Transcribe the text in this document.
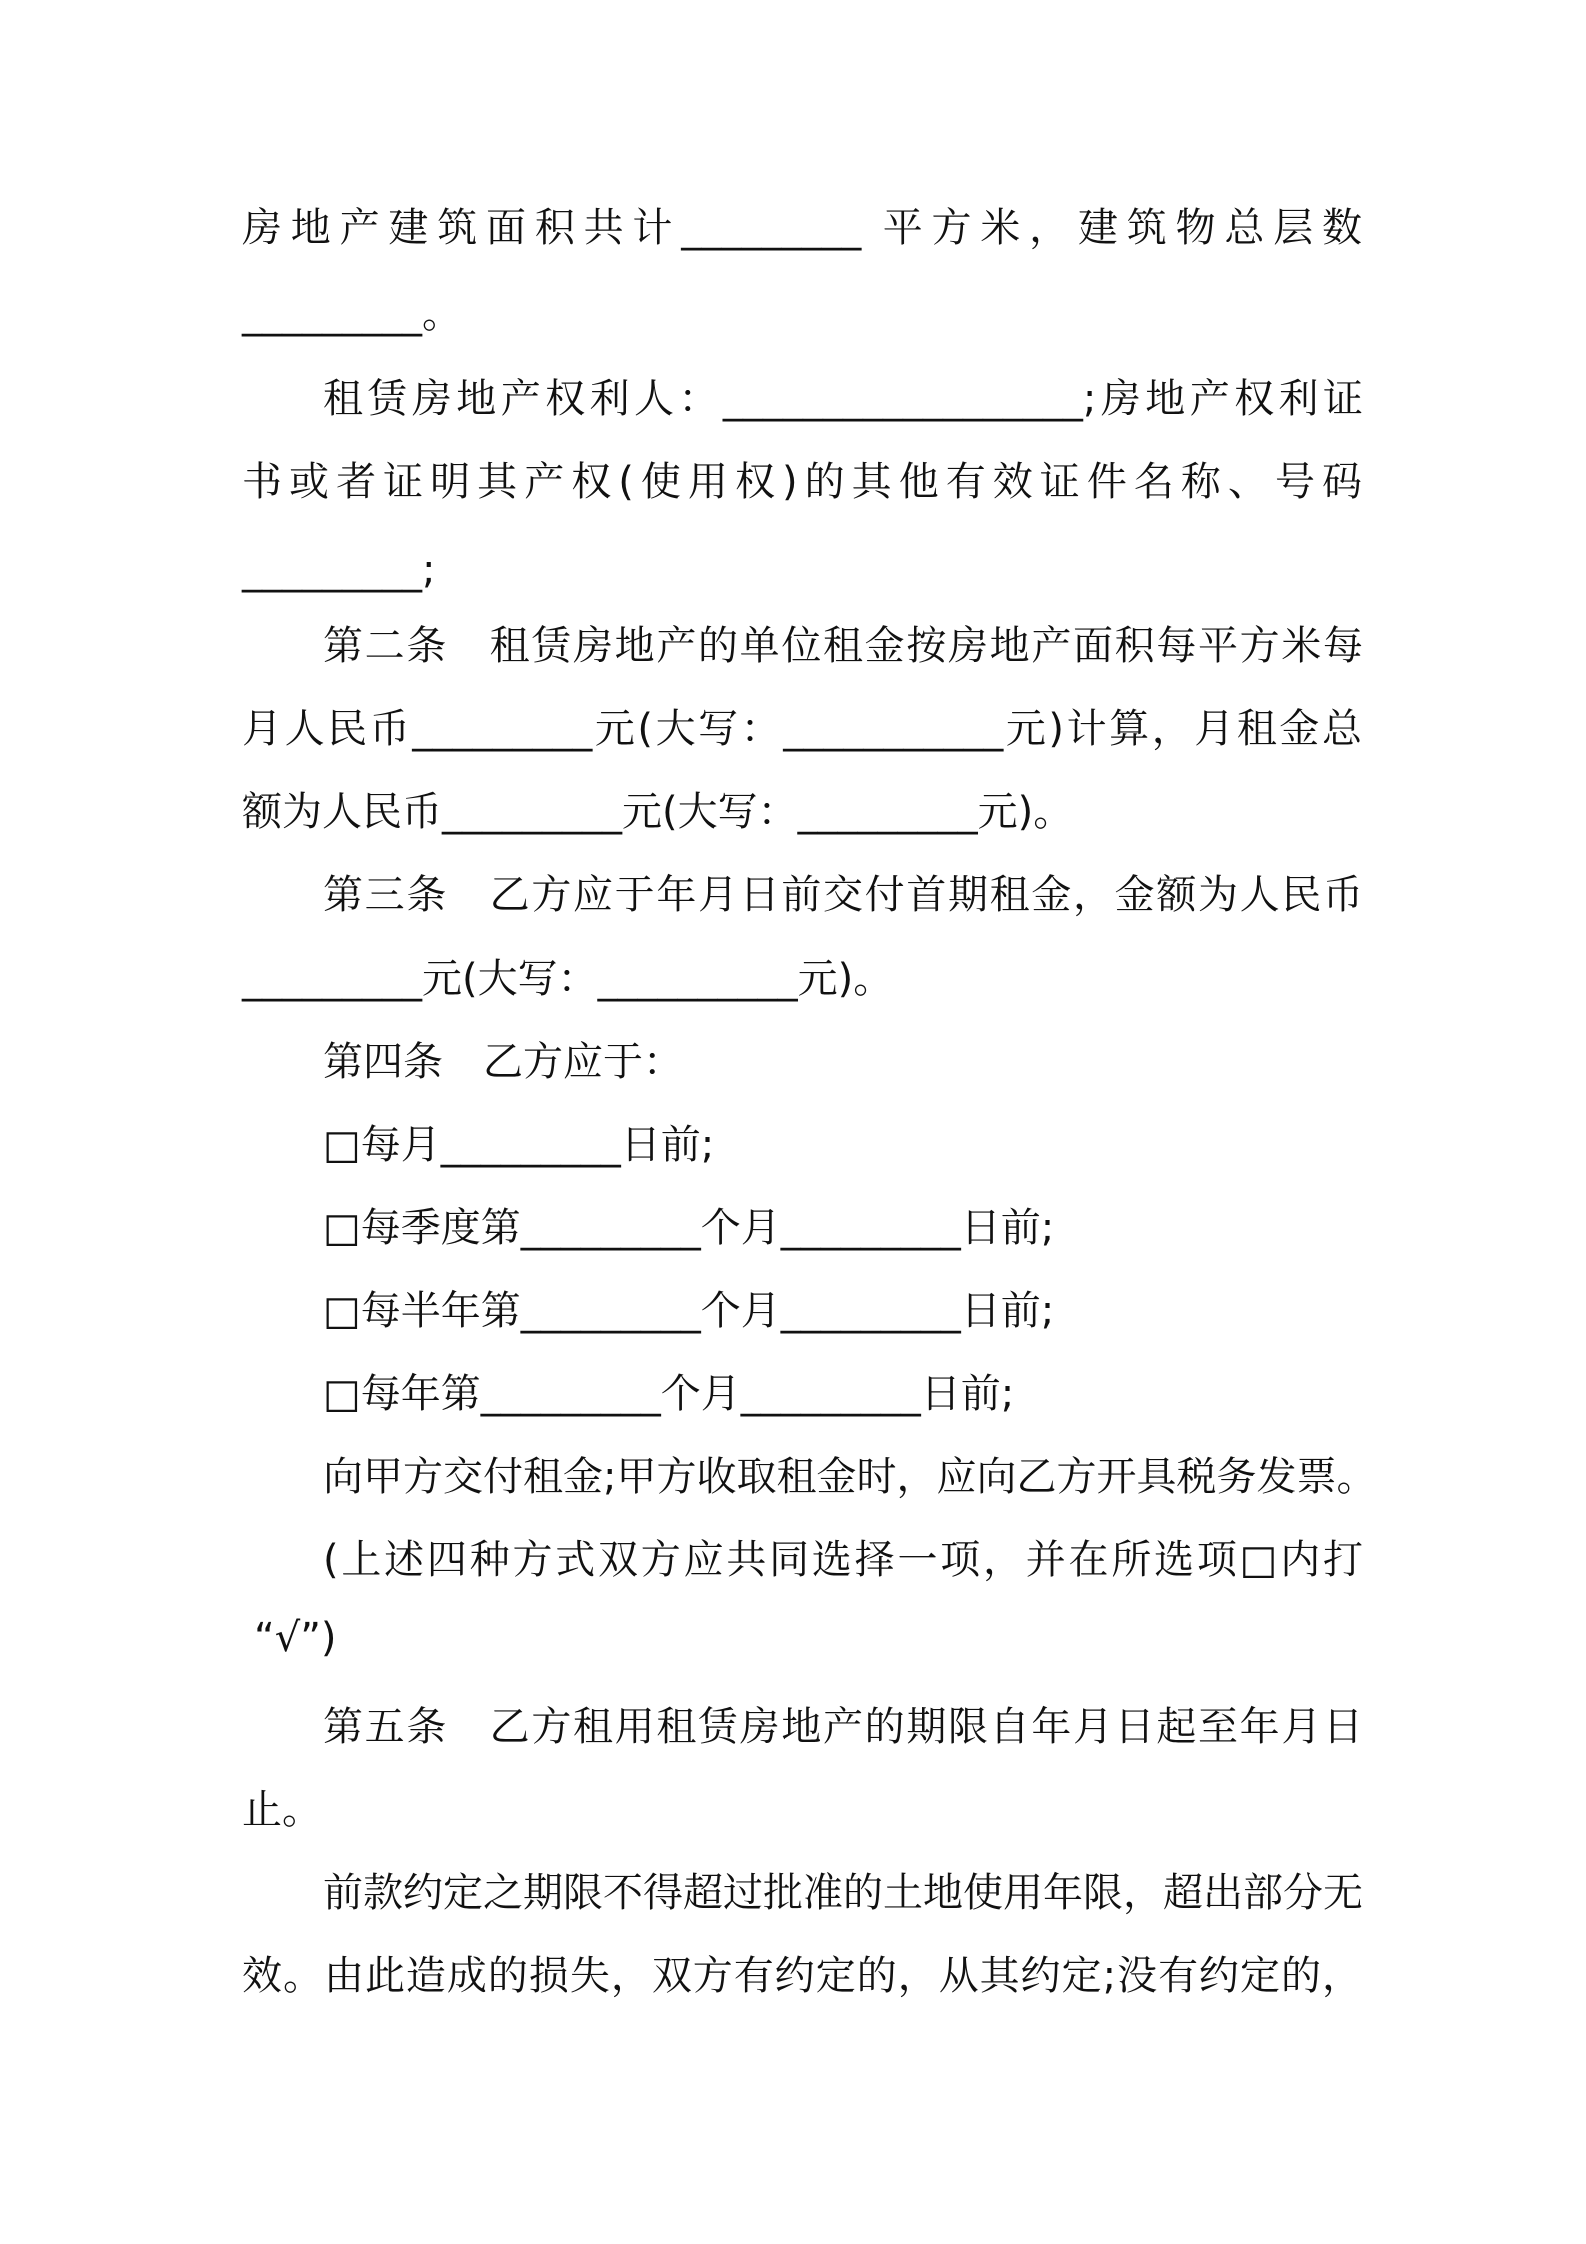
房地产建筑面积共计_________ 平方米，建筑物总层数

_________。

租赁房地产权利人：__________________;房地产权利证

书或者证明其产权(使用权)的其他有效证件名称、号码

_________;

第二条　租赁房地产的单位租金按房地产面积每平方米每

月人民币_________元(大写：___________元)计算，月租金总

额为人民币_________元(大写：_________元)。

第三条　乙方应于年月日前交付首期租金，金额为人民币

_________元(大写：__________元)。

第四条　乙方应于：

□每月_________日前;

□每季度第_________个月_________日前;

□每半年第_________个月_________日前;

□每年第_________个月_________日前;

向甲方交付租金;甲方收取租金时，应向乙方开具税务发票。

(上述四种方式双方应共同选择一项，并在所选项□内打

“√”)

第五条　乙方租用租赁房地产的期限自年月日起至年月日

止。

前款约定之期限不得超过批准的土地使用年限，超出部分无

效。由此造成的损失，双方有约定的，从其约定;没有约定的，
